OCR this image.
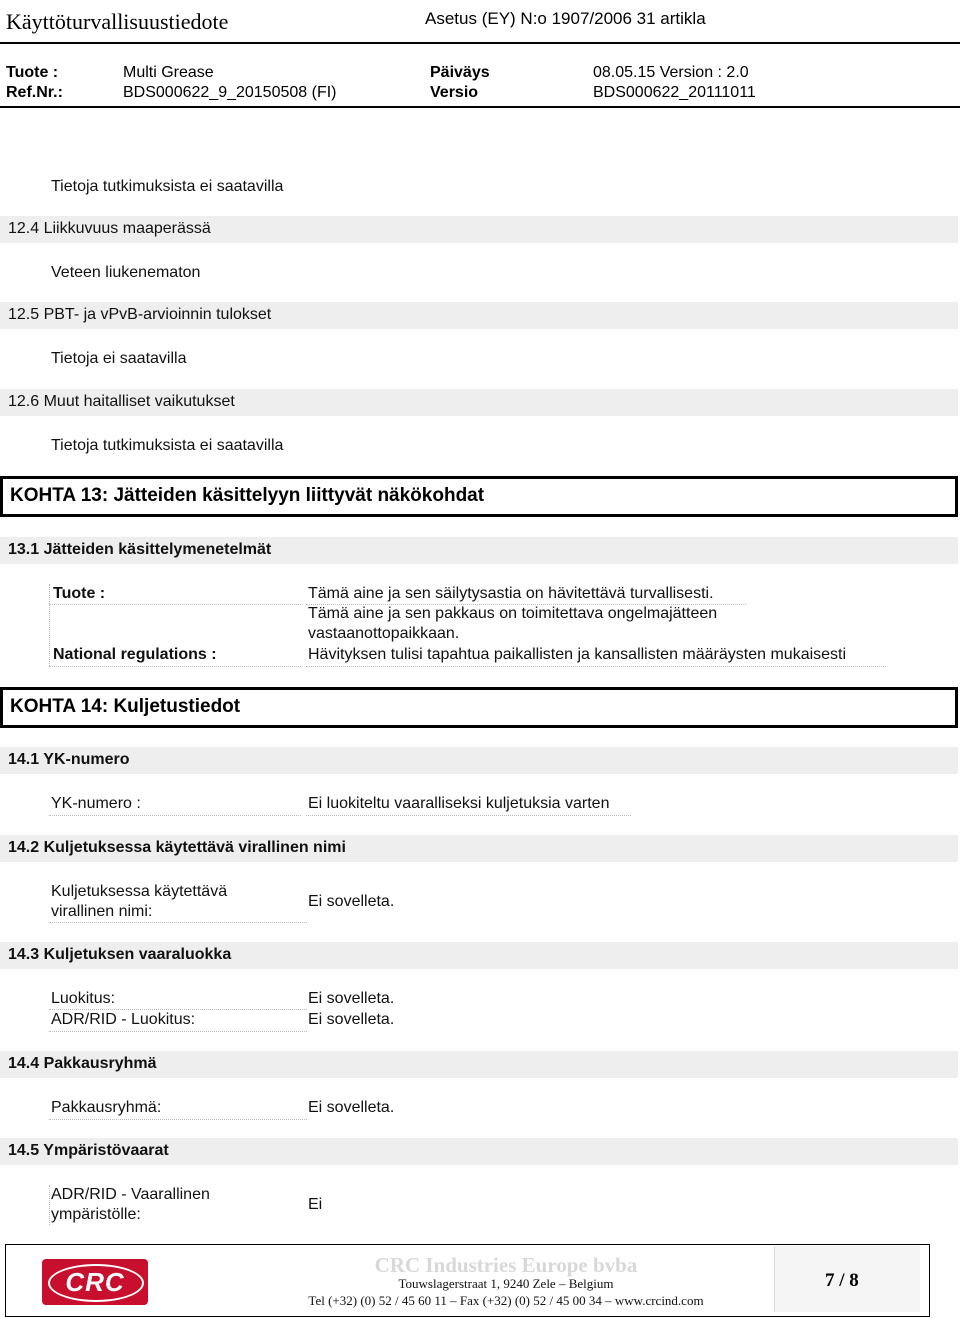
Käyttöturvallisuustiedote	Asetus (EY) N:o 1907/2006 31 artikla
Tuote :	Multi Grease	Päiväys	08.05.15 Version : 2.0
Ref.Nr.:	BDS000622_9_20150508 (FI)	Versio	BDS000622_20111011
Tietoja tutkimuksista ei saatavilla
12.4 Liikkuvuus maaperässä
Veteen liukenematon
12.5 PBT- ja vPvB-arvioinnin tulokset
Tietoja ei saatavilla
12.6 Muut haitalliset vaikutukset
Tietoja tutkimuksista ei saatavilla
KOHTA 13: Jätteiden käsittelyyn liittyvät näkökohdat
13.1 Jätteiden käsittelymenetelmät
Tuote :	Tämä aine ja sen säilytysastia on hävitettävä turvallisesti.
Tämä aine ja sen pakkaus on toimitettava ongelmajätteen
vastaanottopaikkaan.
National regulations :	Hävityksen tulisi tapahtua paikallisten ja kansallisten määräysten mukaisesti
KOHTA 14: Kuljetustiedot
14.1 YK-numero
YK-numero :	Ei luokiteltu vaaralliseksi kuljetuksia varten
14.2 Kuljetuksessa käytettävä virallinen nimi
Kuljetuksessa käytettävä
virallinen nimi:
Ei sovelleta.
14.3 Kuljetuksen vaaraluokka
Luokitus:	Ei sovelleta.
ADR/RID - Luokitus:	Ei sovelleta.
14.4 Pakkausryhmä
Pakkausryhmä:	Ei sovelleta.
14.5 Ympäristövaarat
ADR/RID - Vaarallinen
ympäristölle:
Ei
CRC
CRC Industries Europe bvba
Touwslagerstraat 1, 9240 Zele – Belgium
Tel (+32) (0) 52 / 45 60 11 – Fax (+32) (0) 52 / 45 00 34 – www.crcind.com
7 / 8
